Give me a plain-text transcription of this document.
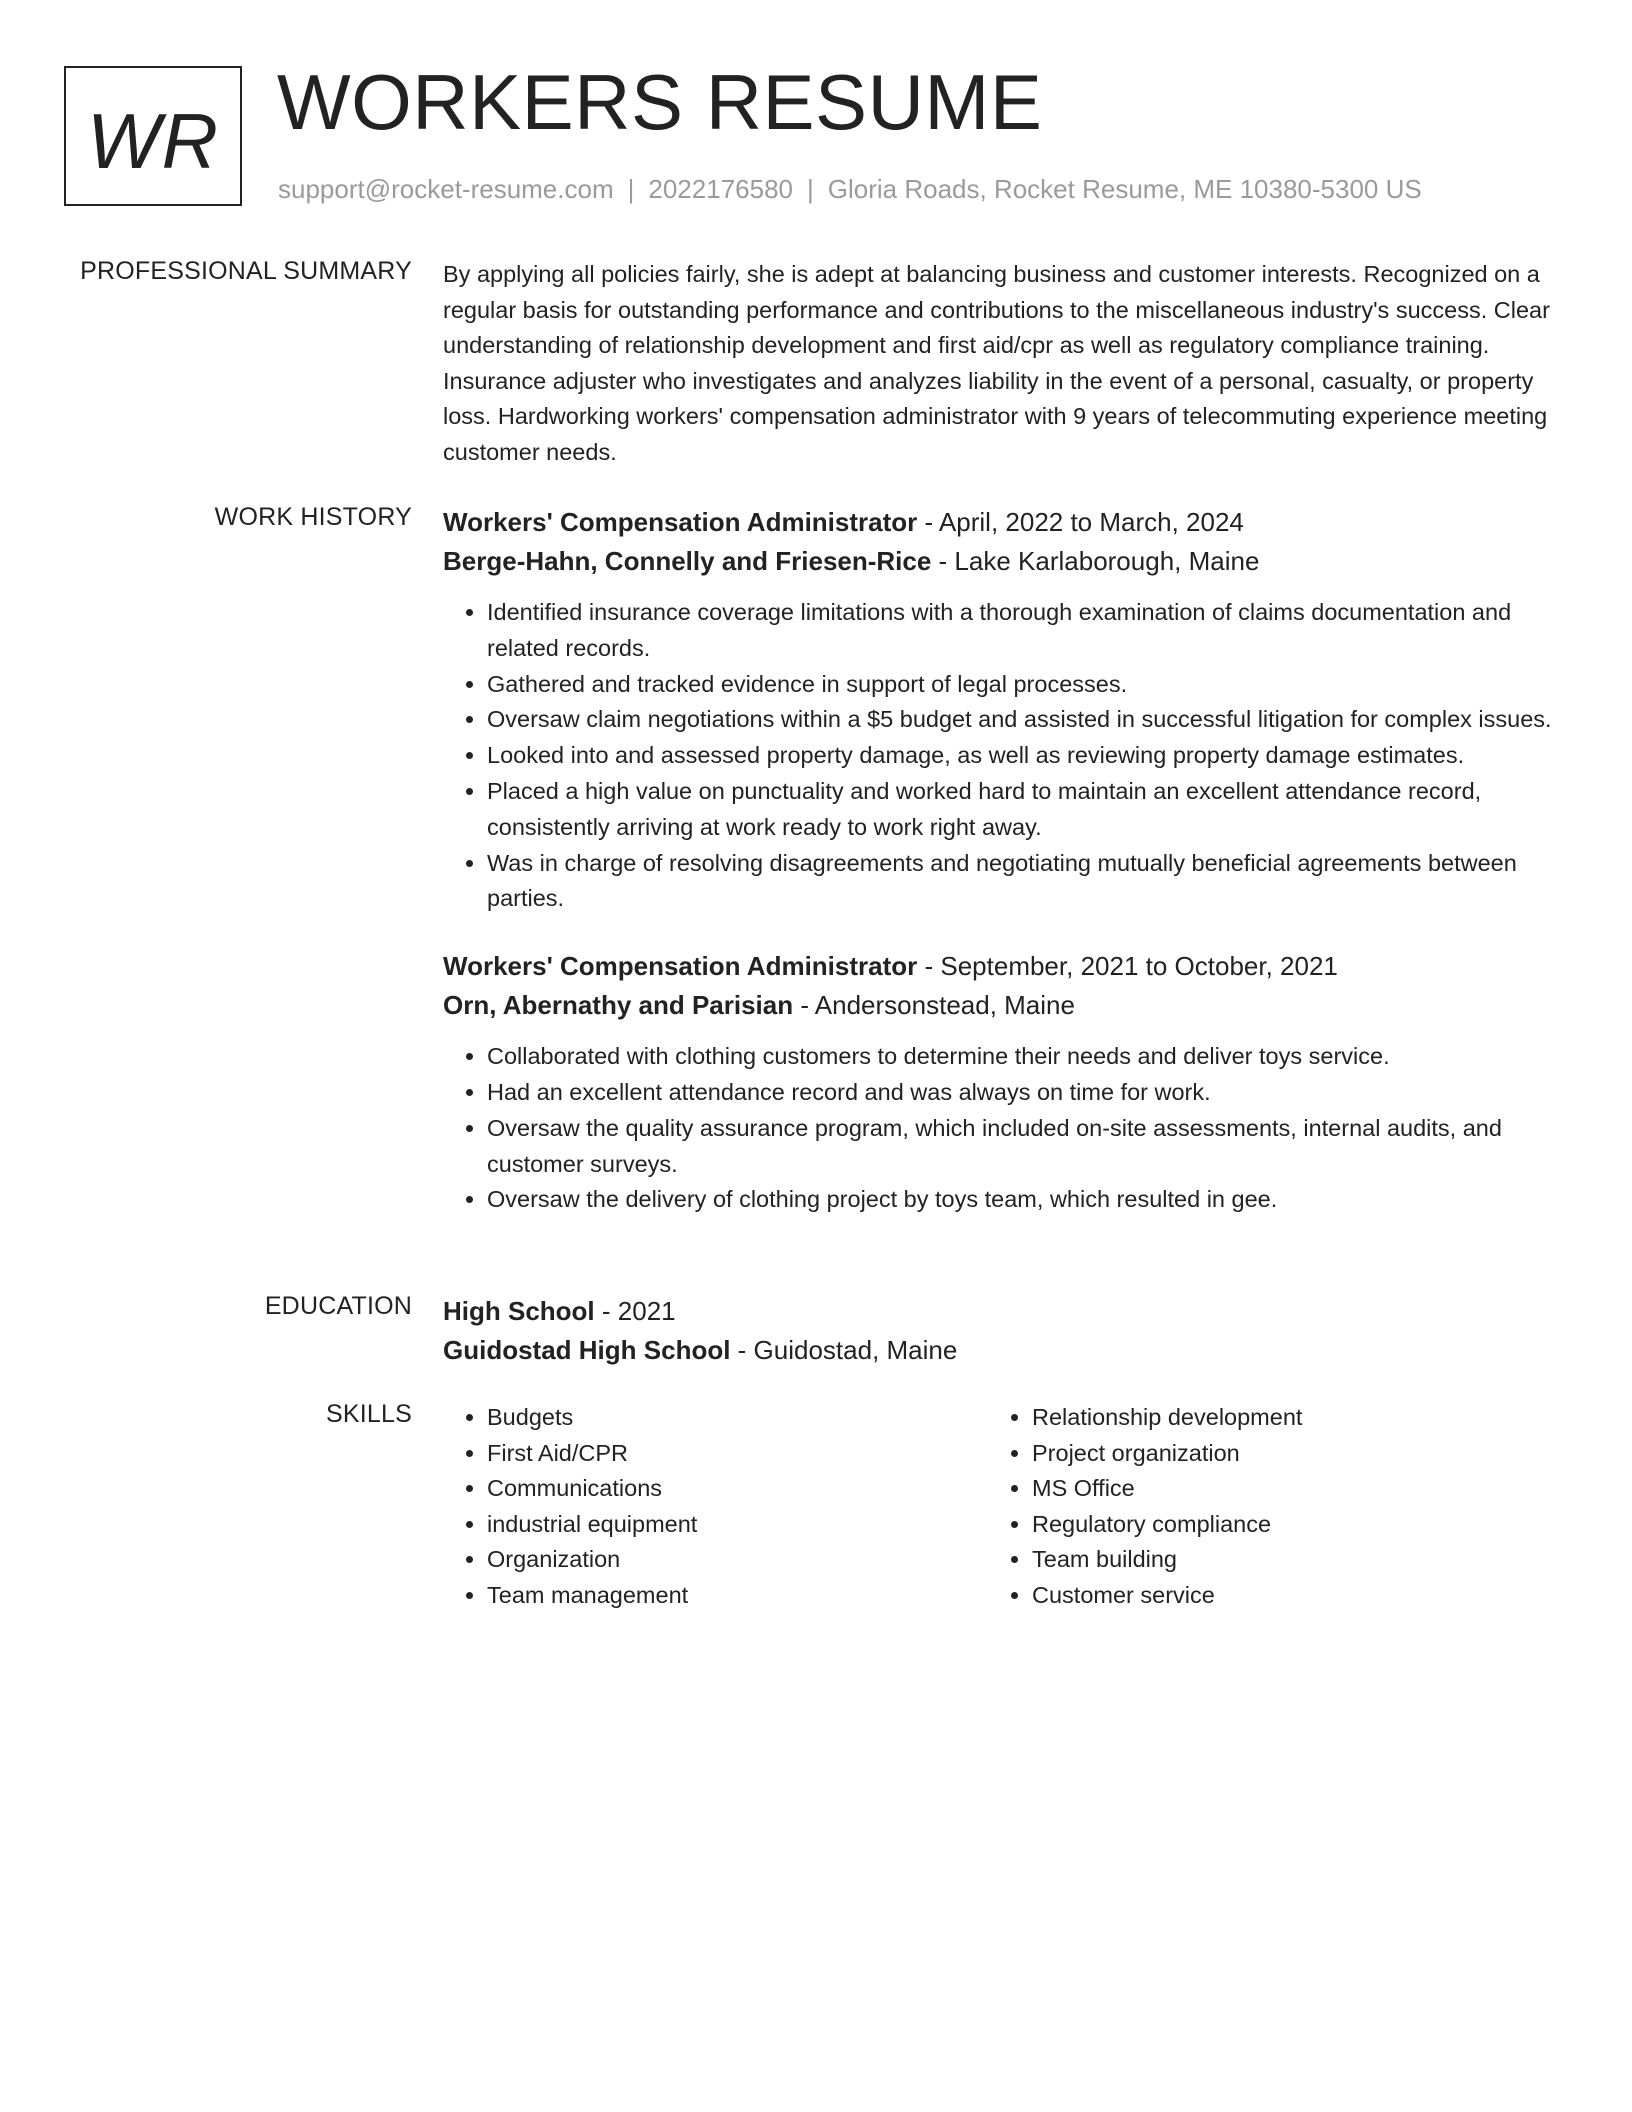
WR WORKERS RESUME
support@rocket-resume.com | 2022176580 | Gloria Roads, Rocket Resume, ME 10380-5300 US
PROFESSIONAL SUMMARY By applying all policies fairly, she is adept at balancing business and customer interests. Recognized on a regular basis for outstanding performance and contributions to the miscellaneous industry's success. Clear understanding of relationship development and first aid/cpr as well as regulatory compliance training. Insurance adjuster who investigates and analyzes liability in the event of a personal, casualty, or property loss. Hardworking workers' compensation administrator with 9 years of telecommuting experience meeting customer needs.

WORK HISTORY Workers' Compensation Administrator - April, 2022 to March, 2024
Berge-Hahn, Connelly and Friesen-Rice - Lake Karlaborough, Maine
• Identified insurance coverage limitations with a thorough examination of claims documentation and related records.
• Gathered and tracked evidence in support of legal processes.
• Oversaw claim negotiations within a $5 budget and assisted in successful litigation for complex issues.
• Looked into and assessed property damage, as well as reviewing property damage estimates.
• Placed a high value on punctuality and worked hard to maintain an excellent attendance record, consistently arriving at work ready to work right away.
• Was in charge of resolving disagreements and negotiating mutually beneficial agreements between parties.
Workers' Compensation Administrator - September, 2021 to October, 2021
Orn, Abernathy and Parisian - Andersonstead, Maine
• Collaborated with clothing customers to determine their needs and deliver toys service.
• Had an excellent attendance record and was always on time for work.
• Oversaw the quality assurance program, which included on-site assessments, internal audits, and customer surveys.
• Oversaw the delivery of clothing project by toys team, which resulted in gee.
EDUCATION High School - 2021
Guidostad High School - Guidostad, Maine
SKILLS
•	Budgets
• First Aid/CPR
• Communications
• industrial equipment
• Organization
• Team management
• Relationship development
• Project organization
• MS Office
• Regulatory compliance
• Team building
• Customer service
